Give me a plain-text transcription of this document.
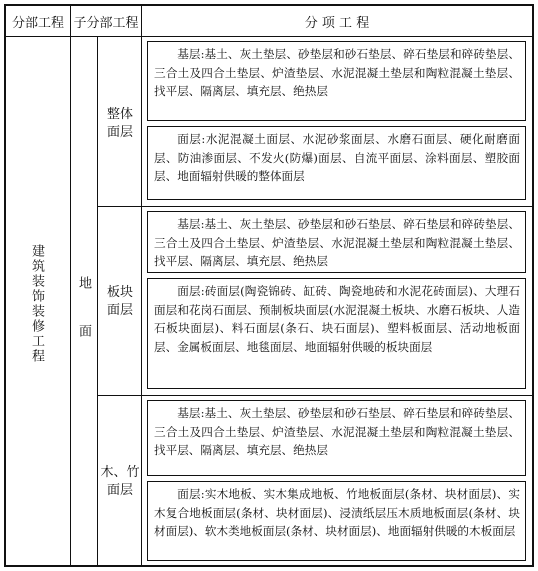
分部工程 子分部工程	分 项 工 程
建筑装饰装修工程 地 面
整体面层
板块面层
木、竹面层
基层:基土、灰土垫层、砂垫层和砂石垫层、碎石垫层和碎砖垫层、三合土及四合土垫层、炉渣垫层、水泥混凝土垫层和陶粒混凝土垫层、找平层、隔离层、填充层、绝热层
面层:水泥混凝土面层、水泥砂浆面层、水磨石面层、硬化耐磨面层、防油渗面层、不发火(防爆)面层、自流平面层、涂料面层、塑胶面层、地面辐射供暖的整体面层
基层:基土、灰土垫层、砂垫层和砂石垫层、碎石垫层和碎砖垫层、三合土及四合土垫层、炉渣垫层、水泥混凝土垫层和陶粒混凝土垫层、找平层、隔离层、填充层、绝热层
面层:砖面层(陶瓷锦砖、缸砖、陶瓷地砖和水泥花砖面层)、大理石面层和花岗石面层、预制板块面层(水泥混凝土板块、水磨石板块、人造石板块面层)、料石面层(条石、块石面层)、塑料板面层、活动地板面层、金属板面层、地毯面层、地面辐射供暖的板块面层
基层:基土、灰土垫层、砂垫层和砂石垫层、碎石垫层和碎砖垫层、三合土及四合土垫层、炉渣垫层、水泥混凝土垫层和陶粒混凝土垫层、找平层、隔离层、填充层、绝热层
面层:实木地板、实木集成地板、竹地板面层(条材、块材面层)、实木复合地板面层(条材、块材面层)、浸渍纸层压木质地板面层(条材、块材面层)、软木类地板面层(条材、块材面层)、地面辐射供暖的木板面层
